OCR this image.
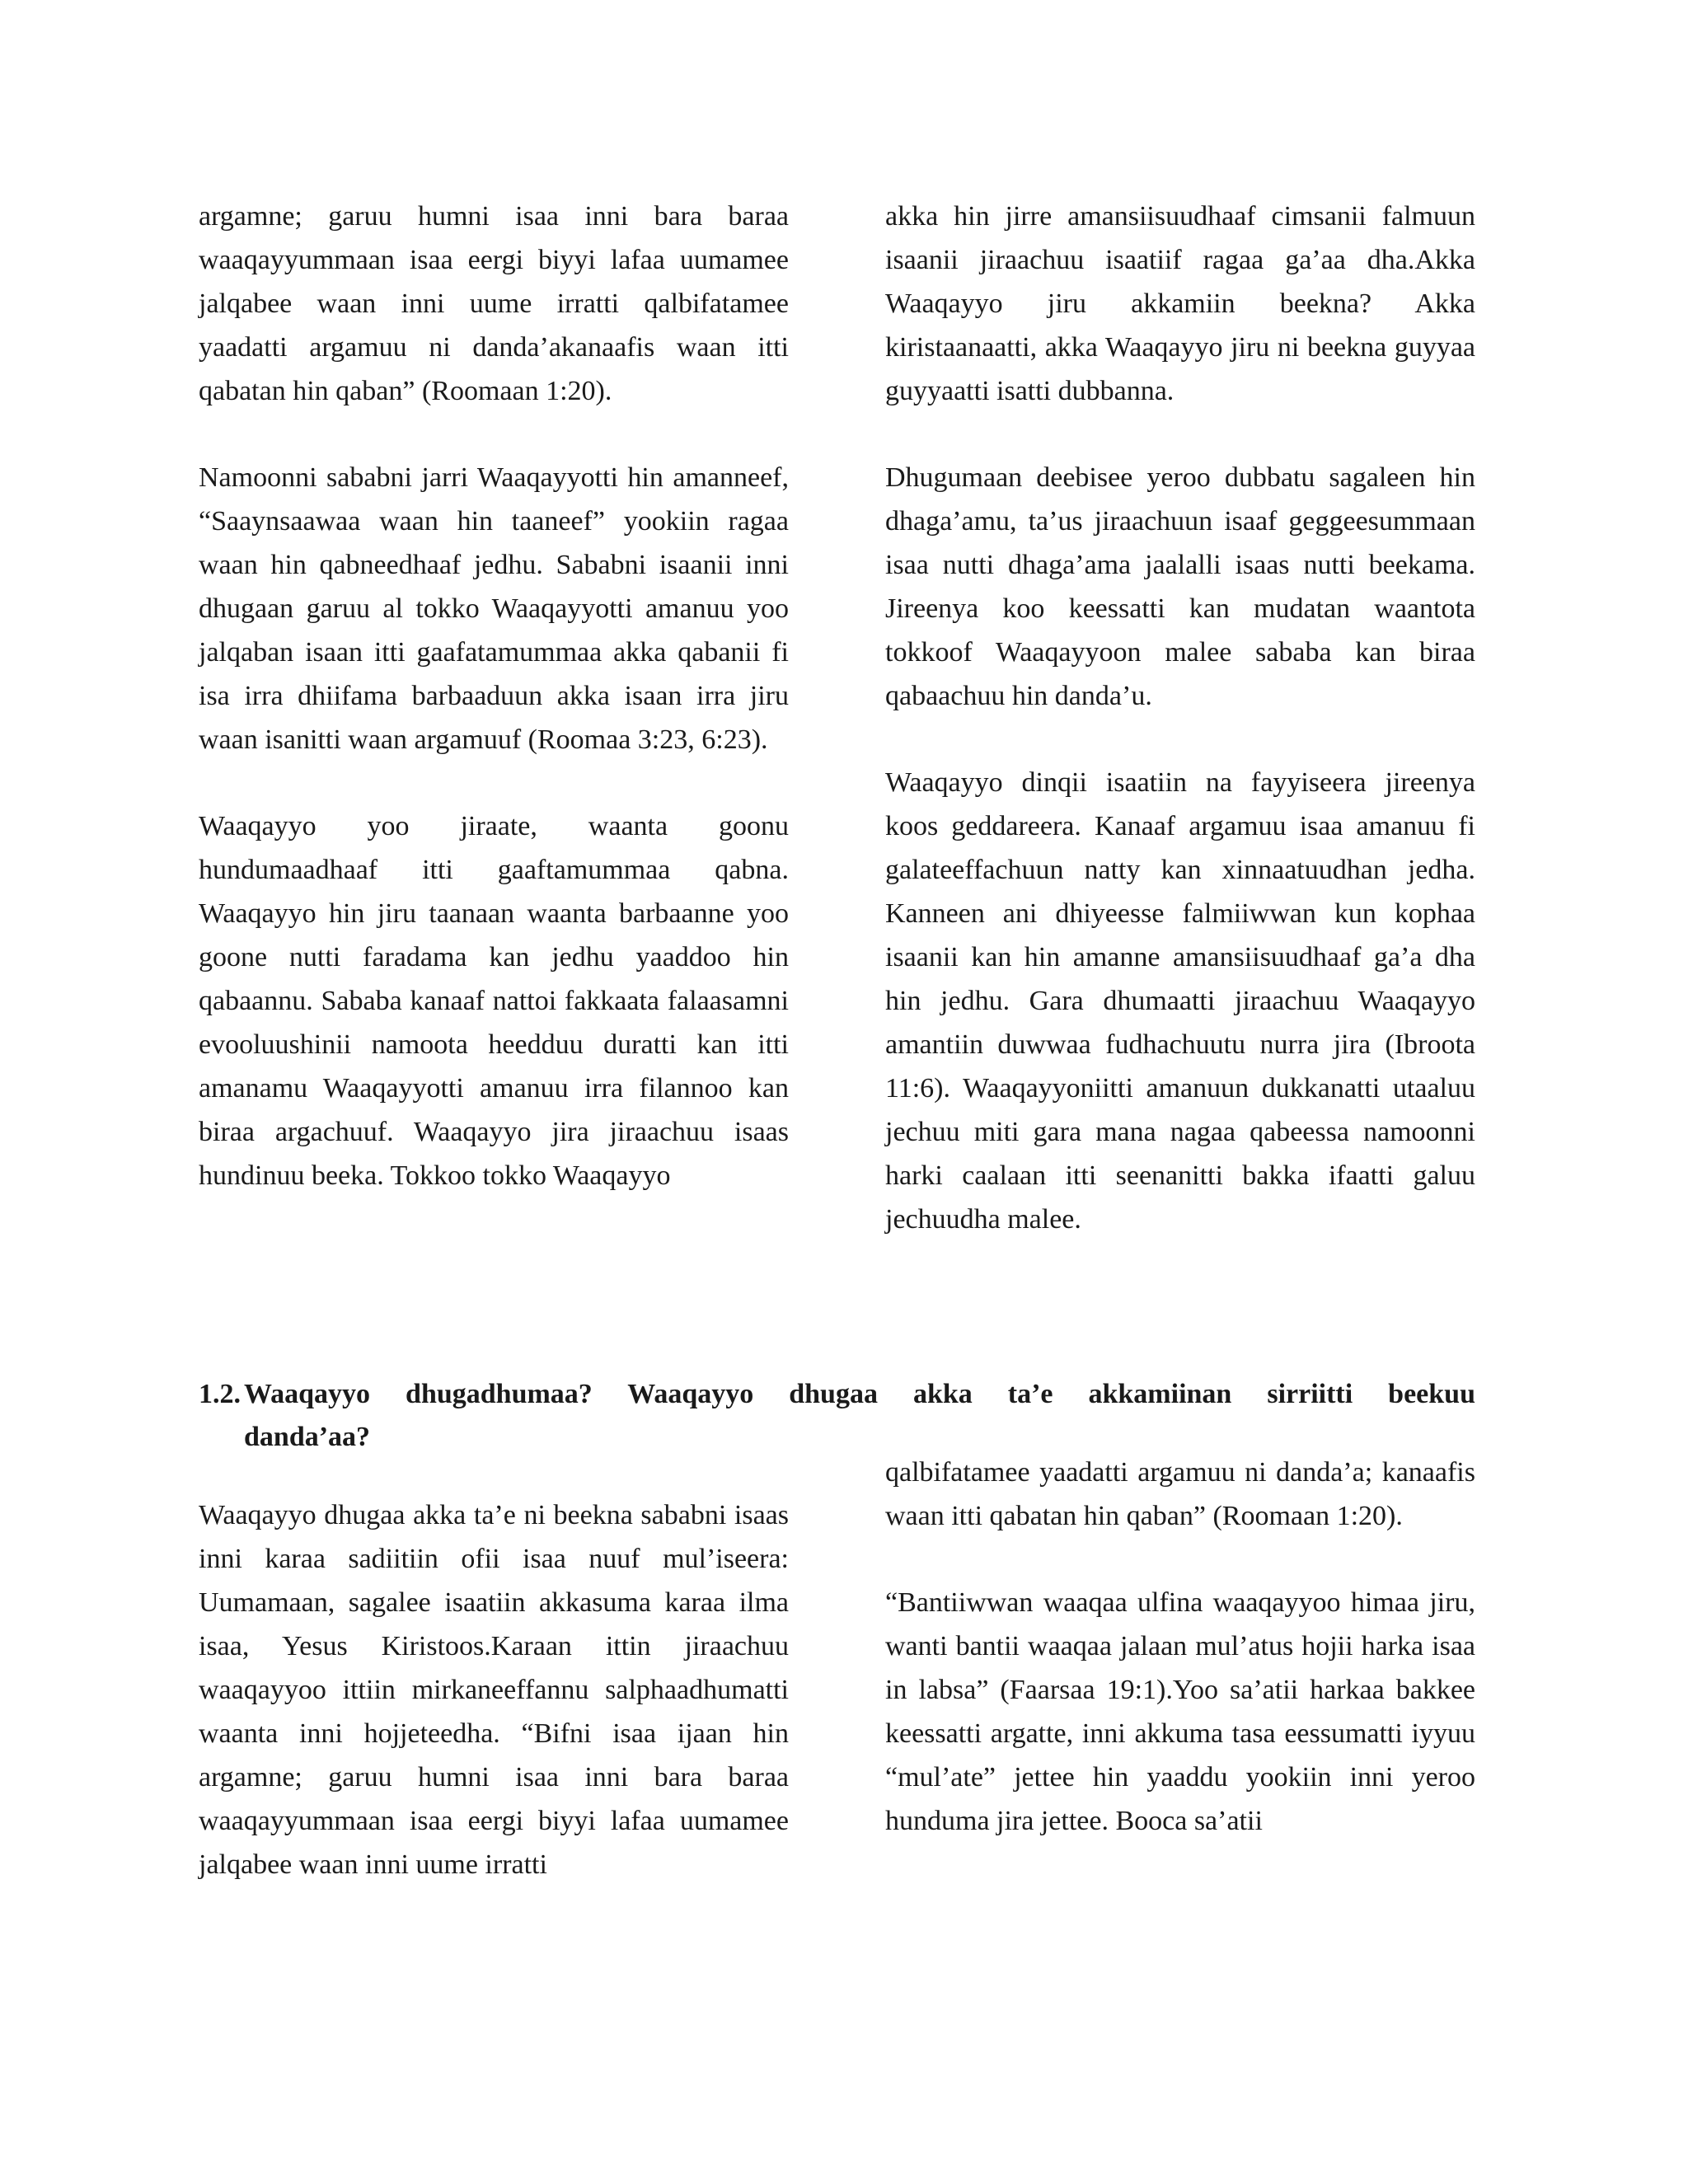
argamne; garuu humni isaa inni bara baraa waaqayyummaan isaa eergi biyyi lafaa uumamee jalqabee waan inni uume irratti qalbifatamee yaadatti argamuu ni danda’akanaafis waan itti qabatan hin qaban” (Roomaan 1:20).

Namoonni sababni jarri Waaqayyotti hin amanneef, “Saaynsaawaa waan hin taaneef” yookiin ragaa waan hin qabneedhaaf jedhu. Sababni isaanii inni dhugaan garuu al tokko Waaqayyotti amanuu yoo jalqaban isaan itti gaafatamummaa akka qabanii fi isa irra dhiifama barbaaduun akka isaan irra jiru waan isanitti waan argamuuf (Roomaa 3:23, 6:23).

Waaqayyo yoo jiraate, waanta goonu hundumaadhaaf itti gaaftamummaa qabna. Waaqayyo hin jiru taanaan waanta barbaanne yoo goone nutti faradama kan jedhu yaaddoo hin qabaannu. Sababa kanaaf nattoi fakkaata falaasamni evooluushinii namoota heedduu duratti kan itti amanamu Waaqayyotti amanuu irra filannoo kan biraa argachuuf. Waaqayyo jira jiraachuu isaas hundinuu beeka. Tokkoo tokko Waaqayyo

akka hin jirre amansiisuudhaaf cimsanii falmuun isaanii jiraachuu isaatiif ragaa ga’aa dha.Akka Waaqayyo jiru akkamiin beekna? Akka kiristaanaatti, akka Waaqayyo jiru ni beekna guyyaa guyyaatti isatti dubbanna.

Dhugumaan deebisee yeroo dubbatu sagaleen hin dhaga’amu, ta’us jiraachuun isaaf geggeesummaan isaa nutti dhaga’ama jaalalli isaas nutti beekama. Jireenya koo keessatti kan mudatan waantota tokkoof Waaqayyoon malee sababa kan biraa qabaachuu hin danda’u.

Waaqayyo dinqii isaatiin na fayyiseera jireenya koos geddareera. Kanaaf argamuu isaa amanuu fi galateeffachuun natty kan xinnaatuudhan jedha. Kanneen ani dhiyeesse falmiiwwan kun kophaa isaanii kan hin amanne amansiisuudhaaf ga’a dha hin jedhu. Gara dhumaatti jiraachuu Waaqayyo amantiin duwwaa fudhachuutu nurra jira (Ibroota 11:6). Waaqayyoniitti amanuun dukkanatti utaaluu jechuu miti gara mana nagaa qabeessa namoonni harki caalaan itti seenanitti bakka ifaatti galuu jechuudha malee.

1.2. Waaqayyo dhugadhumaa? Waaqayyo dhugaa akka ta’e akkamiinan sirriitti beekuu
danda’aa?

Waaqayyo dhugaa akka ta’e ni beekna sababni isaas inni karaa sadiitiin ofii isaa nuuf mul’iseera: Uumamaan, sagalee isaatiin akkasuma karaa ilma isaa, Yesus Kiristoos.Karaan ittin jiraachuu waaqayyoo ittiin mirkaneeffannu salphaadhumatti waanta inni hojjeteedha. “Bifni isaa ijaan hin argamne; garuu humni isaa inni bara baraa waaqayyummaan isaa eergi biyyi lafaa uumamee jalqabee waan inni uume irratti

qalbifatamee yaadatti argamuu ni danda’a; kanaafis waan itti qabatan hin qaban” (Roomaan 1:20).

“Bantiiwwan waaqaa ulfina waaqayyoo himaa jiru, wanti bantii waaqaa jalaan mul’atus hojii harka isaa in labsa” (Faarsaa 19:1).Yoo sa’atii harkaa bakkee keessatti argatte, inni akkuma tasa eessumatti iyyuu “mul’ate” jettee hin yaaddu yookiin inni yeroo hunduma jira jettee. Booca sa’atii
